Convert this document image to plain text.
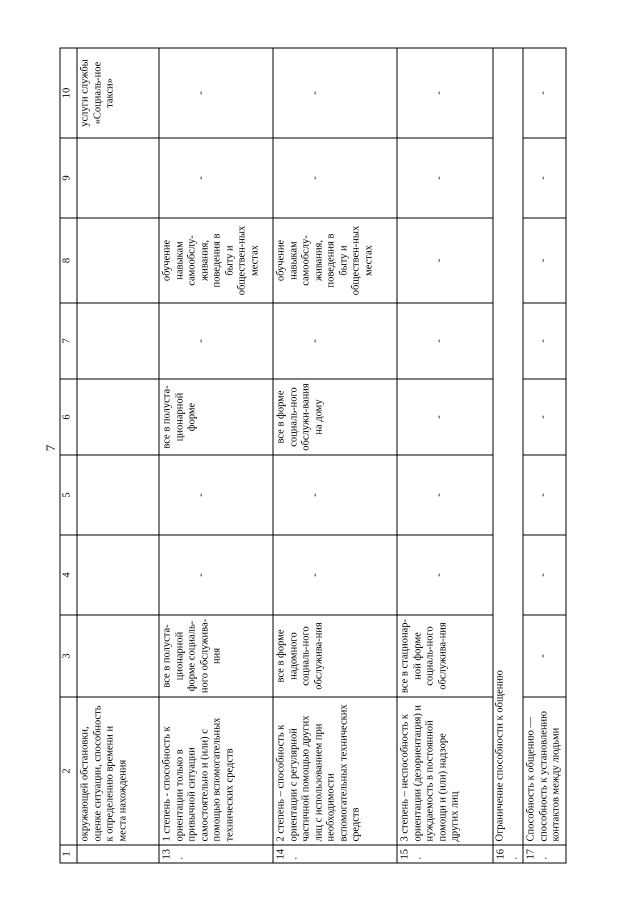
7
1	2	3	4	5	6	7	8	9	10
	окружающей обстановки, оценке ситуации, способность к определению времени и места нахождения								услуги службы «Социаль-ное такси»
13.	1 степень - способность к ориентации только в привычной ситуации самостоятельно и (или) с помощью вспомогательных технических средств	все в полуста-ционарной форме социаль-ного обслужива-ния	-	-	все в полуста-ционарной форме	-	обучение навыкам самообслу-живания, поведения в быту и обществен-ных местах	-	-
14.	2 степень – способность к ориентации с регулярной частичной помощью других лиц с использованием при необходимости вспомогательных технических средств	все в форме надомного социаль-ного обслужива-ния	-	-	все в форме социаль-ного обслужи-вания на дому	-	обучение навыкам самообслу-живания, поведения в быту и обществен-ных местах	-	-
15.	3 степень – неспособность к ориентации (дезориентация) и нуждаемость в постоянной помощи и (или) надзоре других лиц	все в стационар-ной форме социаль-ного обслужива-ния	-	-	-	-	-	-	-
16.	Ограничение способности к общению								
17.	Способность к общению — способность к установлению контактов между людьми	-	-	-	-	-	-	-	-
